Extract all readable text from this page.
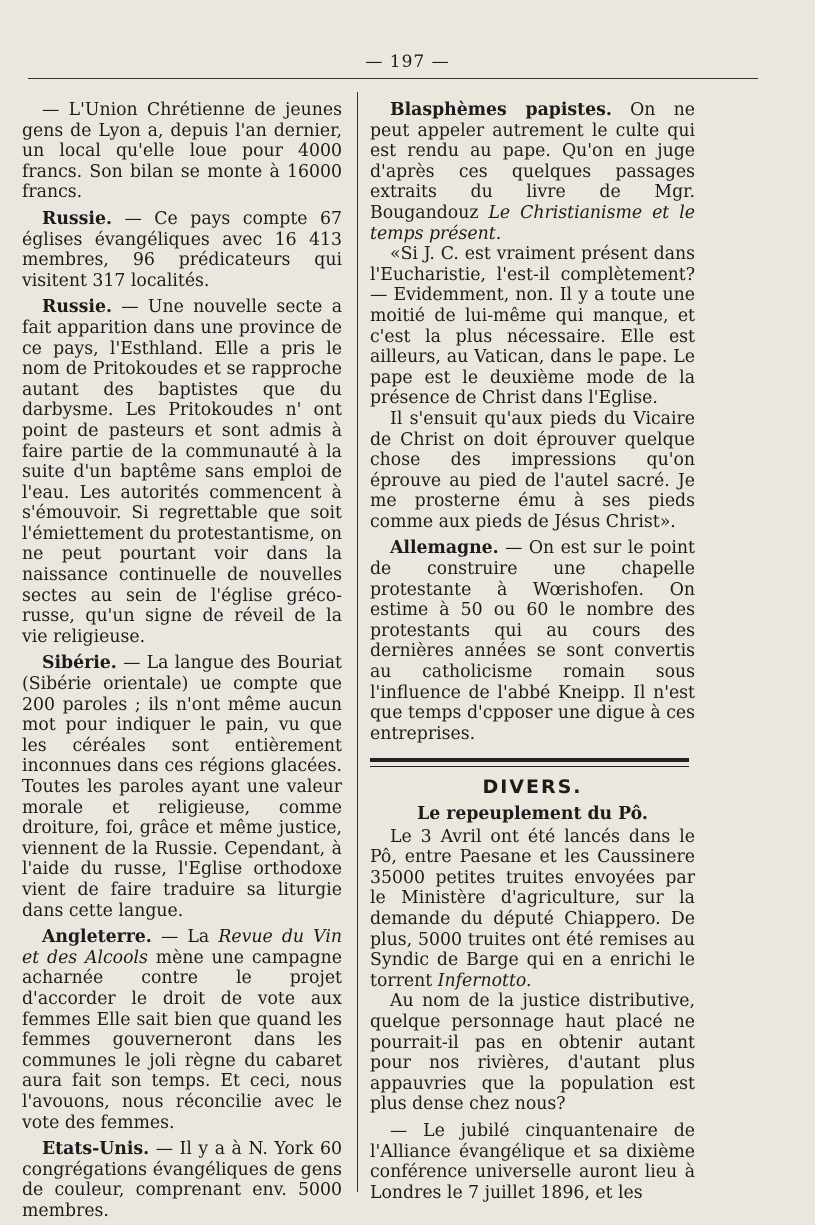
— 197 —

— L'Union Chrétienne de jeunes gens de Lyon a, depuis l'an dernier, un local qu'elle loue pour 4000 francs. Son bilan se monte à 16000 francs.

Russie. — Ce pays compte 67 églises évangéliques avec 16 413 membres, 96 prédicateurs qui visitent 317 localités.

Russie. — Une nouvelle secte a fait apparition dans une province de ce pays, l'Esthland. Elle a pris le nom de Pritokoudes et se rapproche autant des baptistes que du darbysme. Les Pritokoudes n' ont point de pasteurs et sont admis à faire partie de la communauté à la suite d'un baptême sans emploi de l'eau. Les autorités commencent à s'émouvoir. Si regrettable que soit l'émiettement du protestantisme, on ne peut pourtant voir dans la naissance continuelle de nouvelles sectes au sein de l'église gréco-russe, qu'un signe de réveil de la vie religieuse.

Sibérie. — La langue des Bouriat (Sibérie orientale) ue compte que 200 paroles ; ils n'ont même aucun mot pour indiquer le pain, vu que les céréales sont entièrement inconnues dans ces régions glacées. Toutes les paroles ayant une valeur morale et religieuse, comme droiture, foi, grâce et même justice, viennent de la Russie. Cependant, à l'aide du russe, l'Eglise orthodoxe vient de faire traduire sa liturgie dans cette langue.

Angleterre. — La Revue du Vin et des Alcools mène une campagne acharnée contre le projet d'accorder le droit de vote aux femmes Elle sait bien que quand les femmes gouverneront dans les communes le joli règne du cabaret aura fait son temps. Et ceci, nous l'avouons, nous réconcilie avec le vote des femmes.

Etats-Unis. — Il y a à N. York 60 congrégations évangéliques de gens de couleur, comprenant env. 5000 membres.

Blasphèmes papistes. On ne peut appeler autrement le culte qui est rendu au pape. Qu'on en juge d'après ces quelques passages extraits du livre de Mgr. Bougandouz Le Christianisme et le temps présent.

«Si J. C. est vraiment présent dans l'Eucharistie, l'est-il complètement? — Evidemment, non. Il y a toute une moitié de lui-même qui manque, et c'est la plus nécessaire. Elle est ailleurs, au Vatican, dans le pape. Le pape est le deuxième mode de la présence de Christ dans l'Eglise.

Il s'ensuit qu'aux pieds du Vicaire de Christ on doit éprouver quelque chose des impressions qu'on éprouve au pied de l'autel sacré. Je me prosterne ému à ses pieds comme aux pieds de Jésus Christ».

Allemagne. — On est sur le point de construire une chapelle protestante à Wœrishofen. On estime à 50 ou 60 le nombre des protestants qui au cours des dernières années se sont convertis au catholicisme romain sous l'influence de l'abbé Kneipp. Il n'est que temps d'cpposer une digue à ces entreprises.

DIVERS.
Le repeuplement du Pô.

Le 3 Avril ont été lancés dans le Pô, entre Paesane et les Caussinere 35000 petites truites envoyées par le Ministère d'agriculture, sur la demande du député Chiappero. De plus, 5000 truites ont été remises au Syndic de Barge qui en a enrichi le torrent Infernotto.

Au nom de la justice distributive, quelque personnage haut placé ne pourrait-il pas en obtenir autant pour nos rivières, d'autant plus appauvries que la population est plus dense chez nous?

— Le jubilé cinquantenaire de l'Alliance évangélique et sa dixième conférence universelle auront lieu à Londres le 7 juillet 1896, et les
